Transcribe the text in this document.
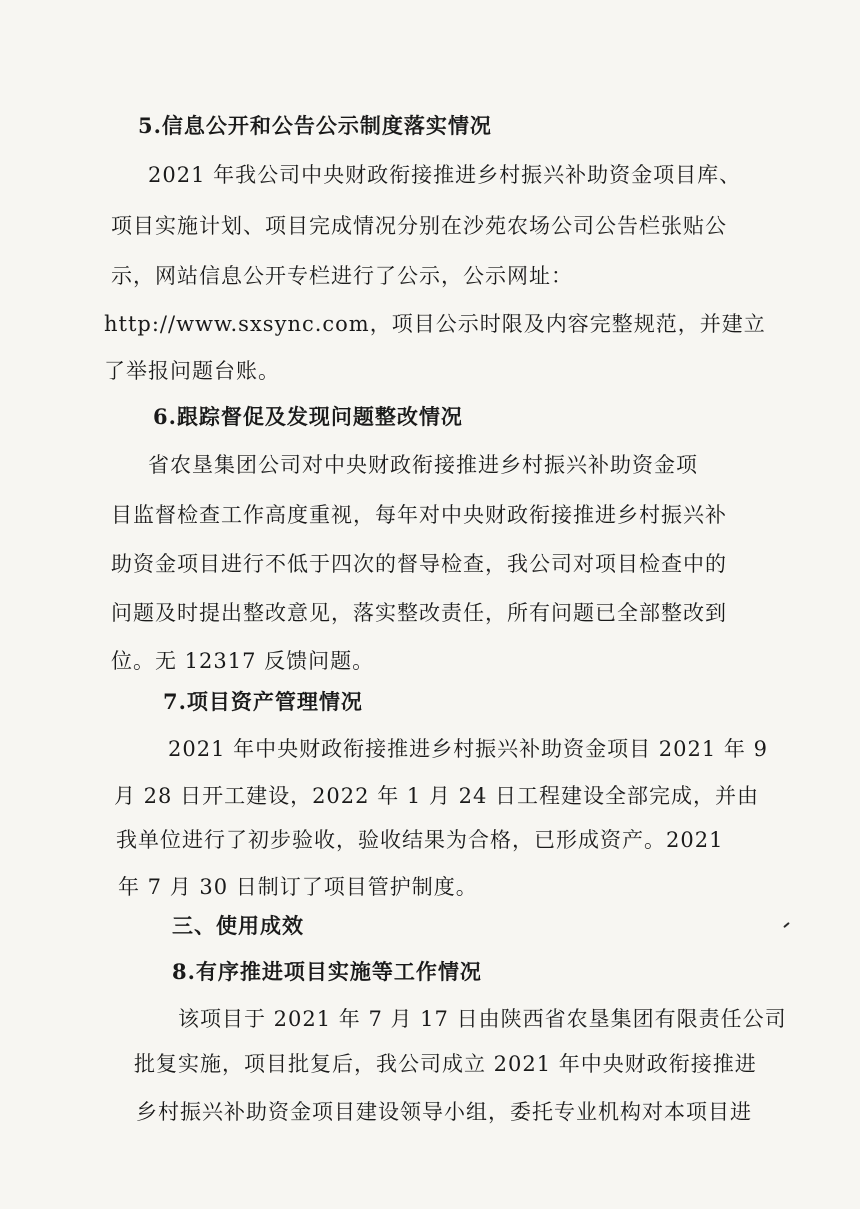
5.信息公开和公告公示制度落实情况
2021 年我公司中央财政衔接推进乡村振兴补助资金项目库、
项目实施计划、项目完成情况分别在沙苑农场公司公告栏张贴公
示，网站信息公开专栏进行了公示，公示网址：
http://www.sxsync.com，项目公示时限及内容完整规范，并建立
了举报问题台账。
6.跟踪督促及发现问题整改情况
省农垦集团公司对中央财政衔接推进乡村振兴补助资金项
目监督检查工作高度重视，每年对中央财政衔接推进乡村振兴补
助资金项目进行不低于四次的督导检查，我公司对项目检查中的
问题及时提出整改意见，落实整改责任，所有问题已全部整改到
位。无 12317 反馈问题。
7.项目资产管理情况
2021 年中央财政衔接推进乡村振兴补助资金项目 2021 年 9
月 28 日开工建设，2022 年 1 月 24 日工程建设全部完成，并由
我单位进行了初步验收，验收结果为合格，已形成资产。2021
年 7 月 30 日制订了项目管护制度。
三、使用成效
8.有序推进项目实施等工作情况
该项目于 2021 年 7 月 17 日由陕西省农垦集团有限责任公司
批复实施，项目批复后，我公司成立 2021 年中央财政衔接推进
乡村振兴补助资金项目建设领导小组，委托专业机构对本项目进
